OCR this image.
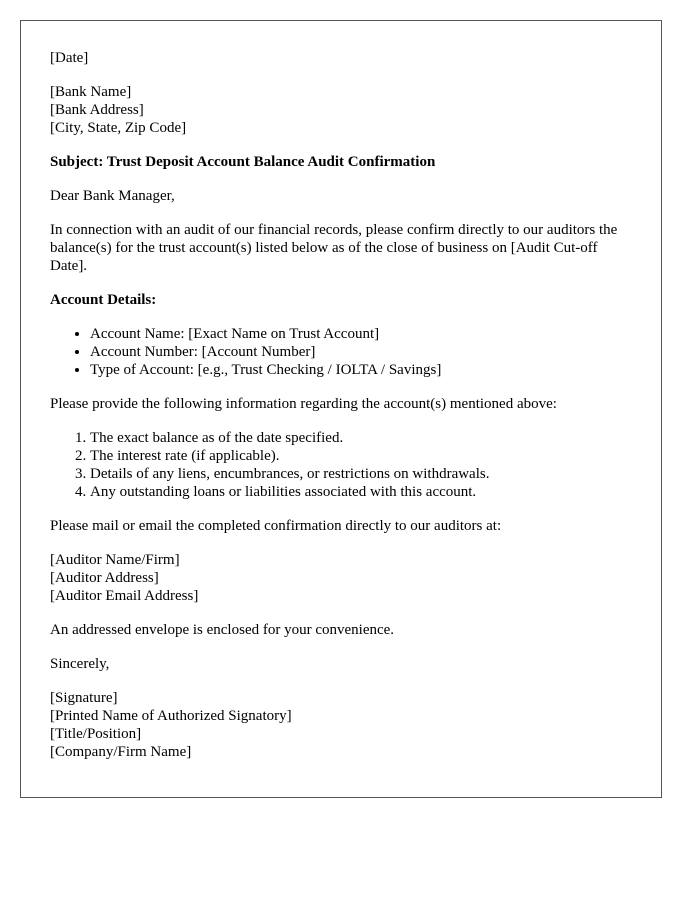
[Date]

[Bank Name]
[Bank Address]
[City, State, Zip Code]

Subject: Trust Deposit Account Balance Audit Confirmation

Dear Bank Manager,

In connection with an audit of our financial records, please confirm directly to our auditors the balance(s) for the trust account(s) listed below as of the close of business on [Audit Cut-off Date].

Account Details:

• Account Name: [Exact Name on Trust Account]
• Account Number: [Account Number]
• Type of Account: [e.g., Trust Checking / IOLTA / Savings]

Please provide the following information regarding the account(s) mentioned above:

1. The exact balance as of the date specified.
2. The interest rate (if applicable).
3. Details of any liens, encumbrances, or restrictions on withdrawals.
4. Any outstanding loans or liabilities associated with this account.

Please mail or email the completed confirmation directly to our auditors at:

[Auditor Name/Firm]
[Auditor Address]
[Auditor Email Address]

An addressed envelope is enclosed for your convenience.

Sincerely,

[Signature]
[Printed Name of Authorized Signatory]
[Title/Position]
[Company/Firm Name]
